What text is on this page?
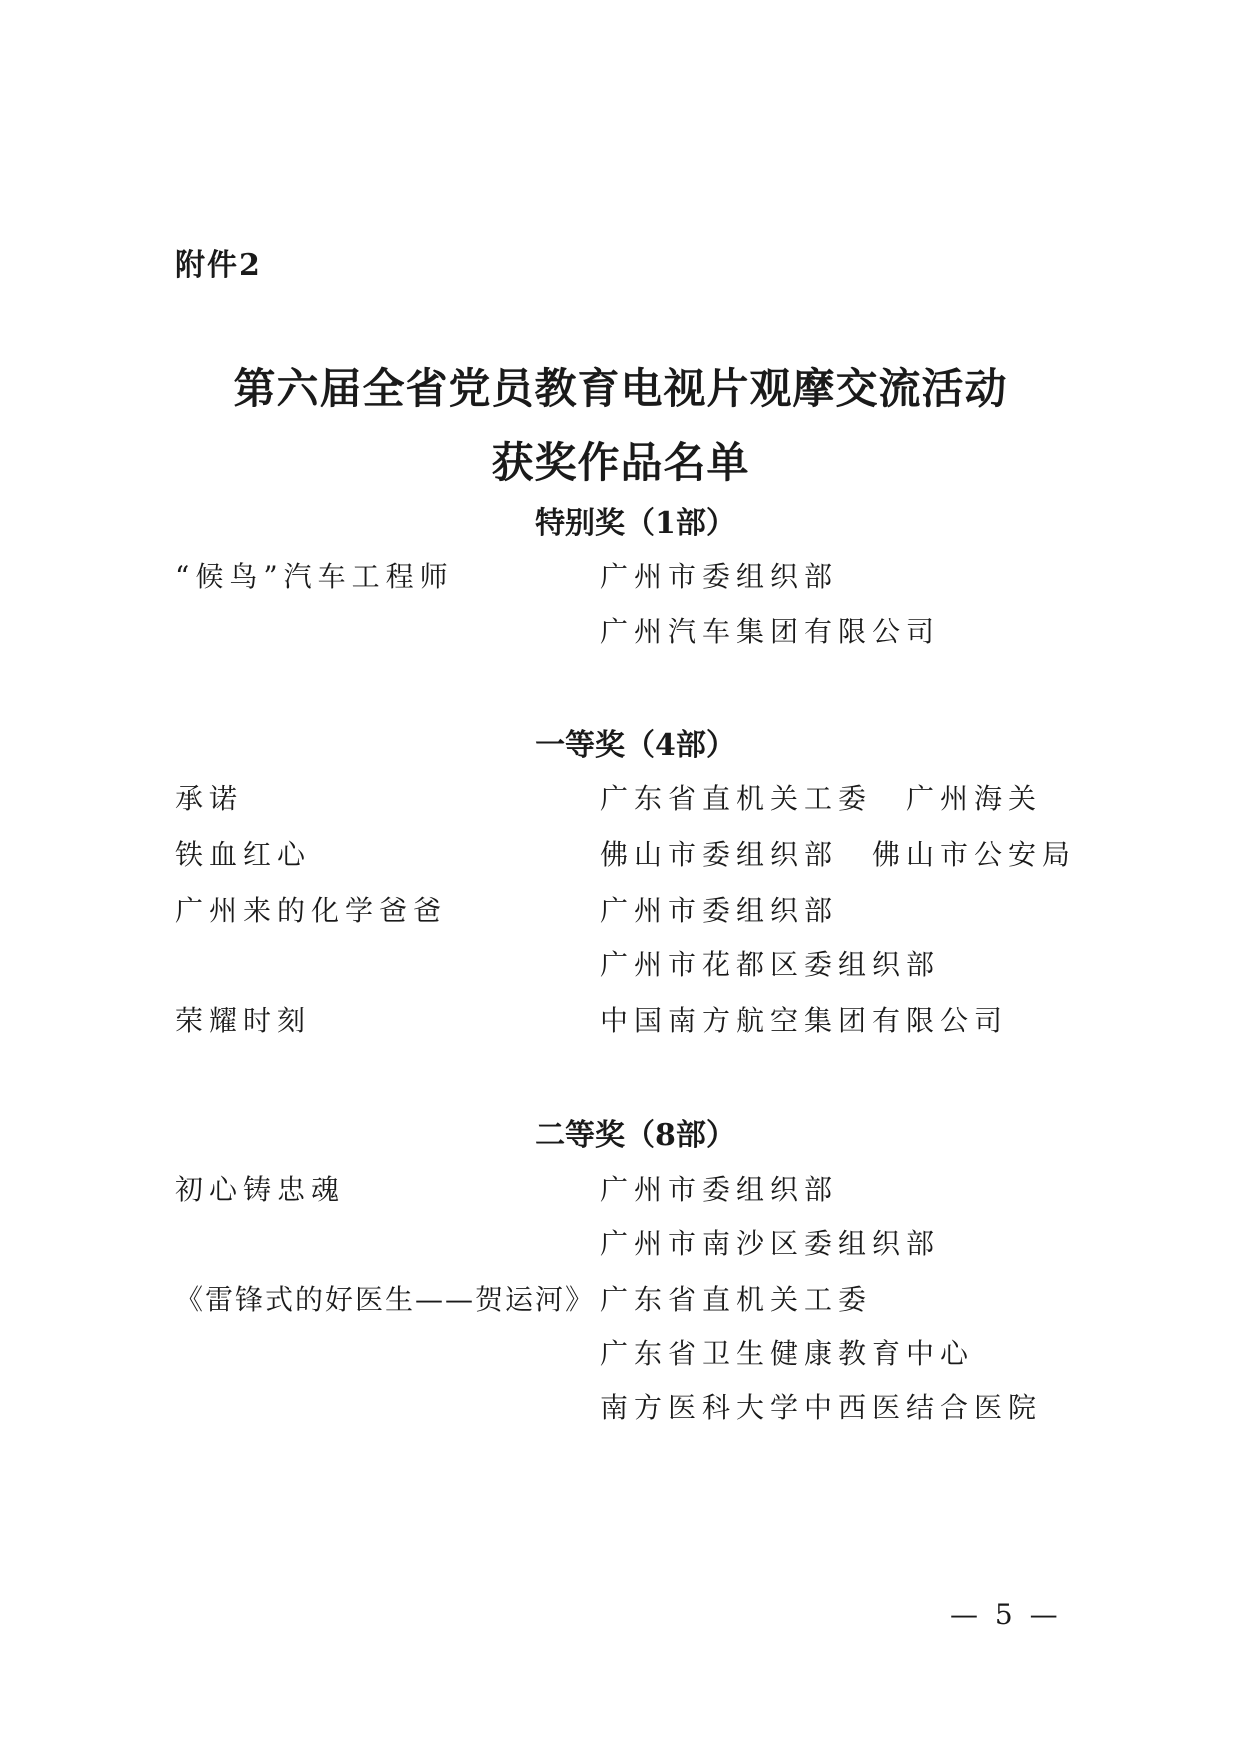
附件2
第六届全省党员教育电视片观摩交流活动
获奖作品名单
特别奖（1部）
“候鸟”汽车工程师	广州市委组织部
广州汽车集团有限公司
一等奖（4部）
承诺	广东省直机关工委　广州海关
铁血红心	佛山市委组织部　佛山市公安局
广州来的化学爸爸	广州市委组织部
广州市花都区委组织部
荣耀时刻	中国南方航空集团有限公司
二等奖（8部）
初心铸忠魂	广州市委组织部
广州市南沙区委组织部
《雷锋式的好医生——贺运河》 广东省直机关工委
广东省卫生健康教育中心
南方医科大学中西医结合医院
— 5 —
